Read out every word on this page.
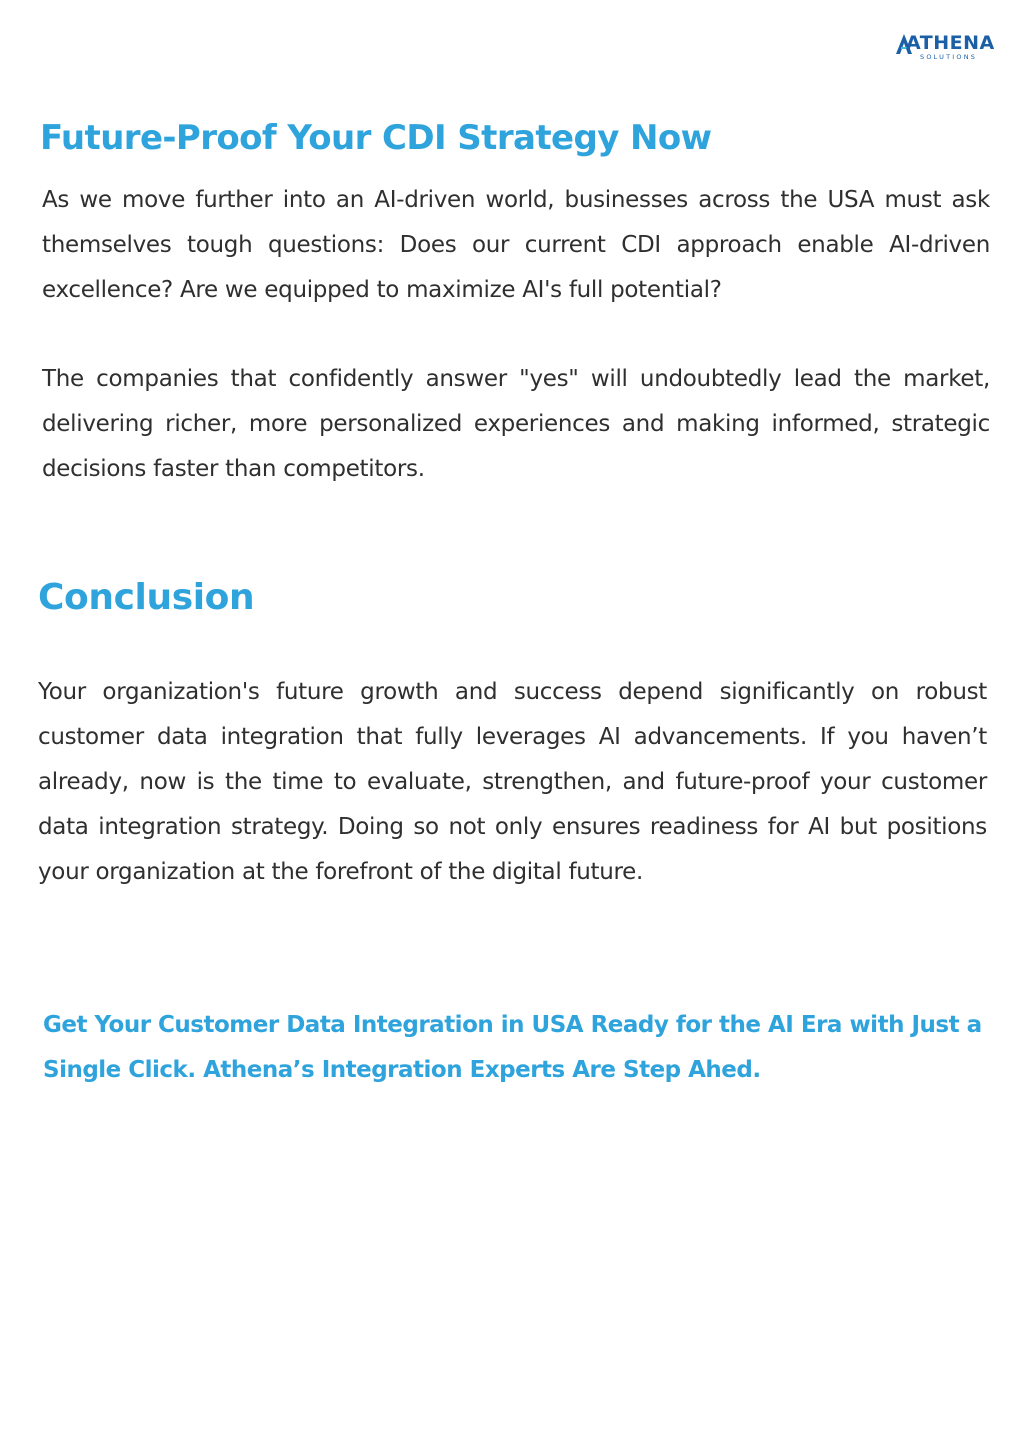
ATHENA
SOLUTIONS
Future-Proof Your CDI Strategy Now

As we move further into an AI-driven world, businesses across the USA must ask themselves tough questions: Does our current CDI approach enable AI-driven excellence? Are we equipped to maximize AI's full potential?

The companies that confidently answer "yes" will undoubtedly lead the market, delivering richer, more personalized experiences and making informed, strategic decisions faster than competitors.

Conclusion

Your organization's future growth and success depend significantly on robust customer data integration that fully leverages AI advancements. If you haven’t already, now is the time to evaluate, strengthen, and future-proof your customer data integration strategy. Doing so not only ensures readiness for AI but positions your organization at the forefront of the digital future.

Get Your Customer Data Integration in USA Ready for the AI Era with Just a Single Click. Athena’s Integration Experts Are Step Ahed.
